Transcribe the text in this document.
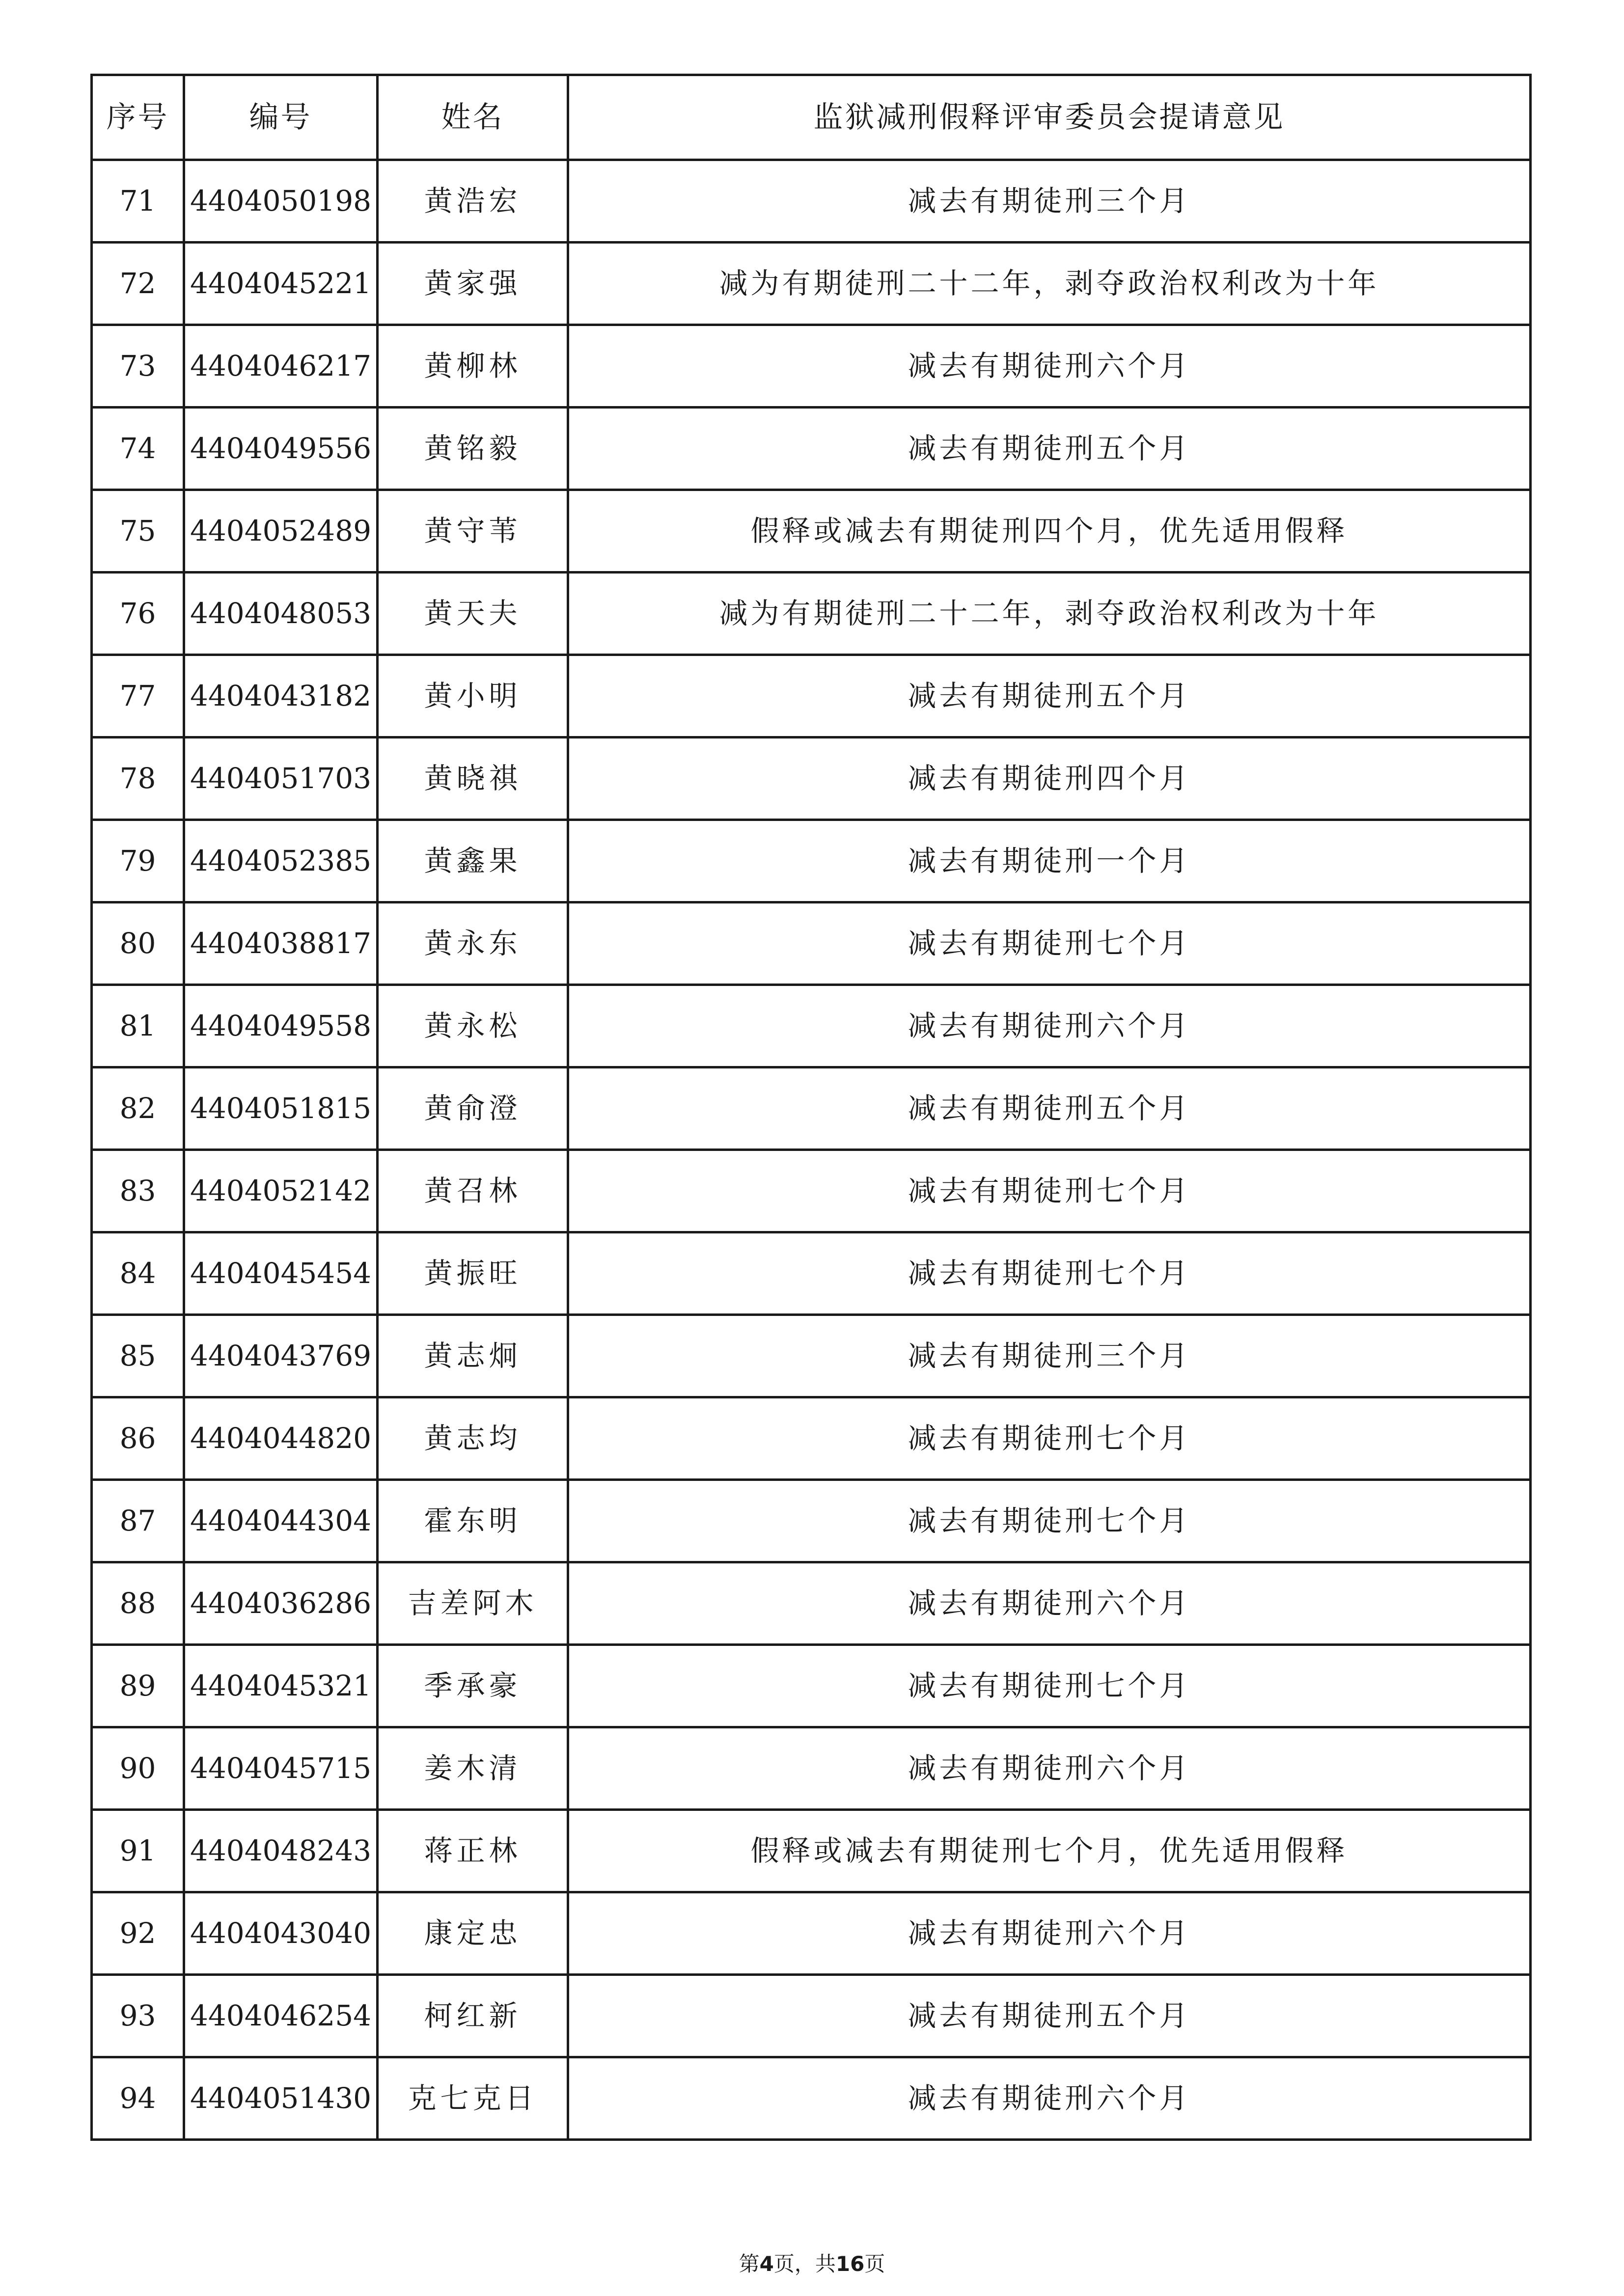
序号	编号	姓名	监狱减刑假释评审委员会提请意见
71	4404050198	黄浩宏	减去有期徒刑三个月
72	4404045221	黄家强	减为有期徒刑二十二年，剥夺政治权利改为十年
73	4404046217	黄柳林	减去有期徒刑六个月
74	4404049556	黄铭毅	减去有期徒刑五个月
75	4404052489	黄守苇	假释或减去有期徒刑四个月，优先适用假释
76	4404048053	黄天夫	减为有期徒刑二十二年，剥夺政治权利改为十年
77	4404043182	黄小明	减去有期徒刑五个月
78	4404051703	黄晓祺	减去有期徒刑四个月
79	4404052385	黄鑫果	减去有期徒刑一个月
80	4404038817	黄永东	减去有期徒刑七个月
81	4404049558	黄永松	减去有期徒刑六个月
82	4404051815	黄俞澄	减去有期徒刑五个月
83	4404052142	黄召林	减去有期徒刑七个月
84	4404045454	黄振旺	减去有期徒刑七个月
85	4404043769	黄志炯	减去有期徒刑三个月
86	4404044820	黄志均	减去有期徒刑七个月
87	4404044304	霍东明	减去有期徒刑七个月
88	4404036286	吉差阿木	减去有期徒刑六个月
89	4404045321	季承豪	减去有期徒刑七个月
90	4404045715	姜木清	减去有期徒刑六个月
91	4404048243	蒋正林	假释或减去有期徒刑七个月，优先适用假释
92	4404043040	康定忠	减去有期徒刑六个月
93	4404046254	柯红新	减去有期徒刑五个月
94	4404051430	克七克日	减去有期徒刑六个月
第4页，共16页
